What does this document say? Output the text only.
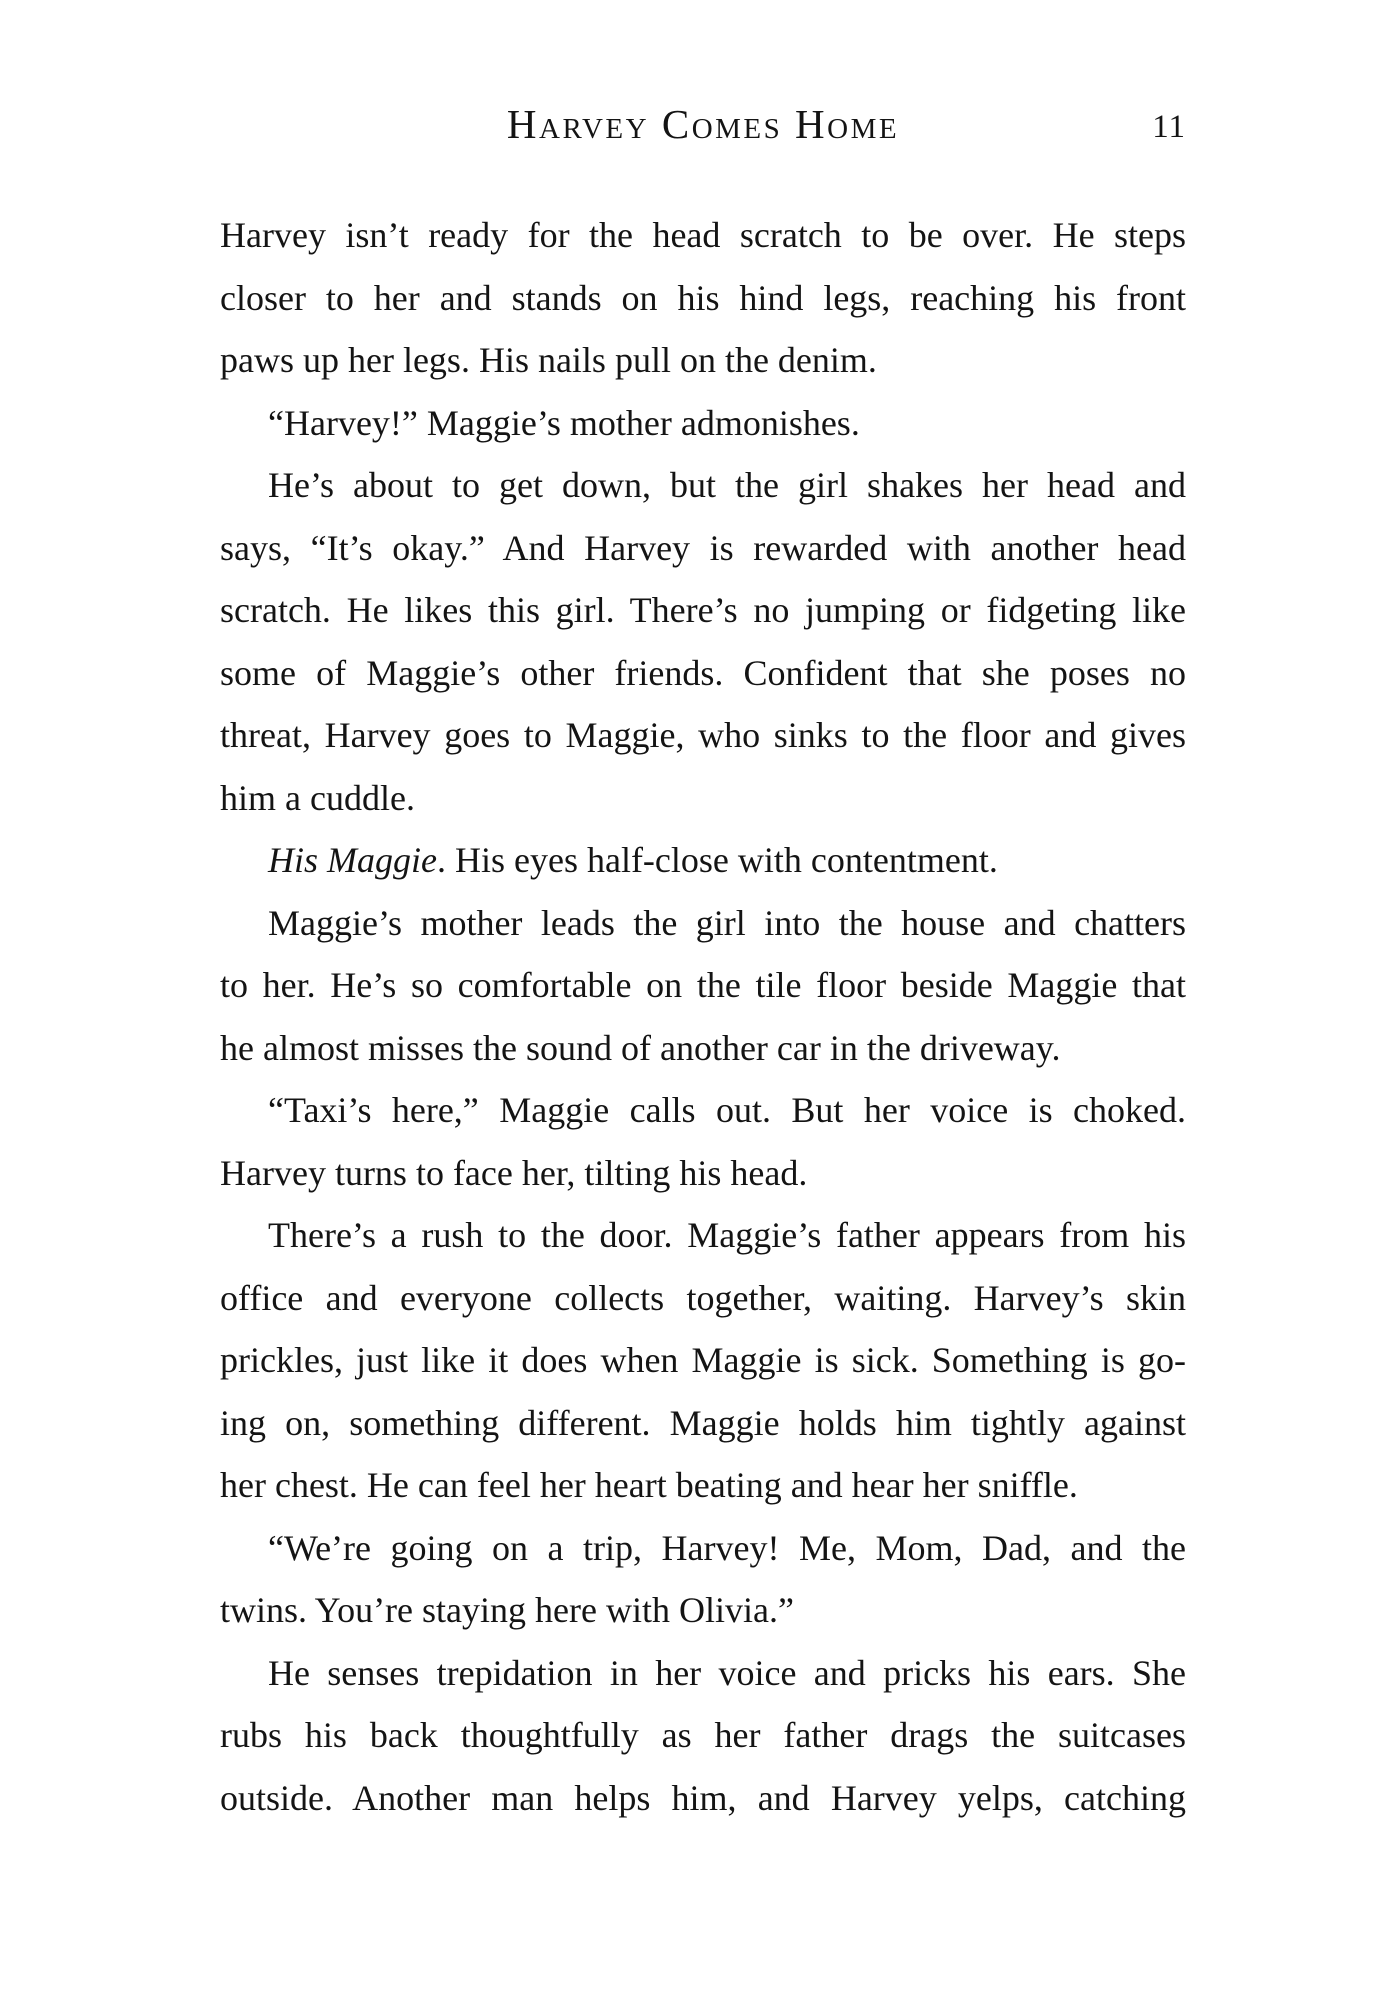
Harvey Comes Home	11
Harvey isn’t ready for the head scratch to be over. He steps
closer to her and stands on his hind legs, reaching his front
paws up her legs. His nails pull on the denim.
“Harvey!” Maggie’s mother admonishes.
He’s about to get down, but the girl shakes her head and
says, “It’s okay.” And Harvey is rewarded with another head
scratch. He likes this girl. There’s no jumping or fidgeting like
some of Maggie’s other friends. Confident that she poses no
threat, Harvey goes to Maggie, who sinks to the floor and gives
him a cuddle.
His Maggie. His eyes half-close with contentment.
Maggie’s mother leads the girl into the house and chatters
to her. He’s so comfortable on the tile floor beside Maggie that
he almost misses the sound of another car in the driveway.
“Taxi’s here,” Maggie calls out. But her voice is choked.
Harvey turns to face her, tilting his head.
There’s a rush to the door. Maggie’s father appears from his
office and everyone collects together, waiting. Harvey’s skin
prickles, just like it does when Maggie is sick. Something is go-
ing on, something different. Maggie holds him tightly against
her chest. He can feel her heart beating and hear her sniffle.
“We’re going on a trip, Harvey! Me, Mom, Dad, and the
twins. You’re staying here with Olivia.”
He senses trepidation in her voice and pricks his ears. She
rubs his back thoughtfully as her father drags the suitcases
outside. Another man helps him, and Harvey yelps, catching
